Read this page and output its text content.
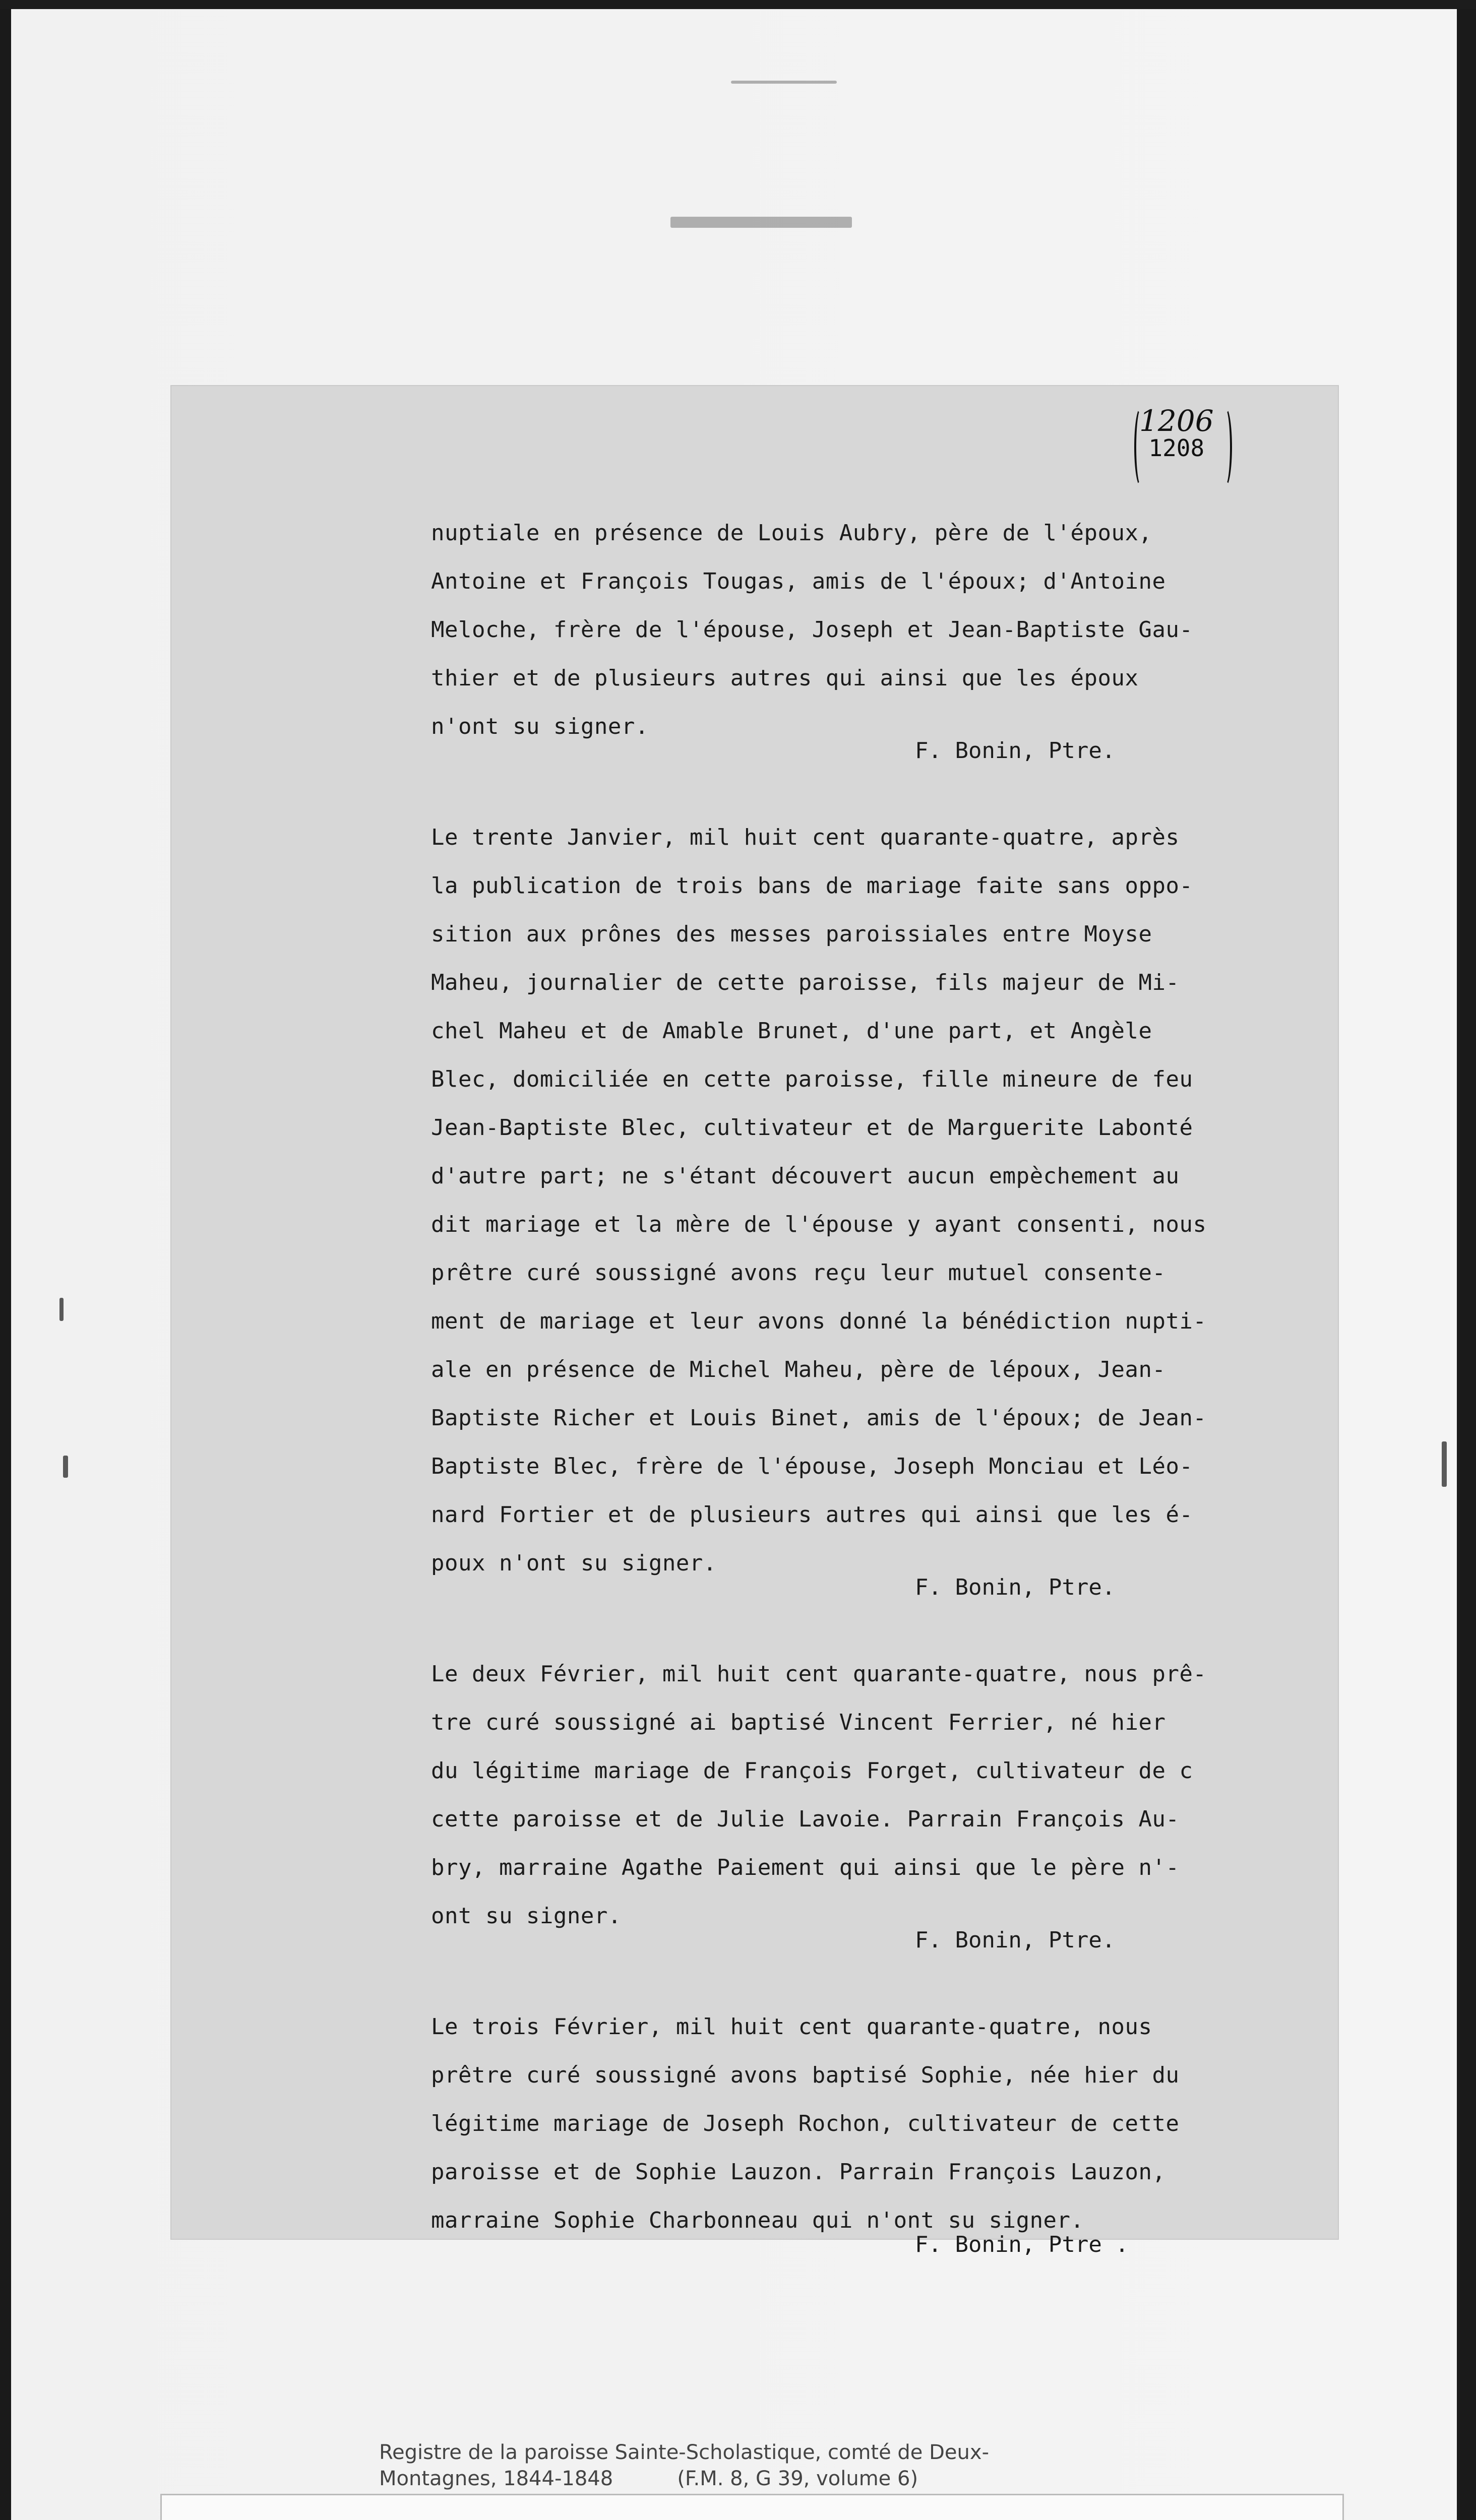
1206
1208
nuptiale en présence de Louis Aubry, père de l'époux,
Antoine et François Tougas, amis de l'époux; d'Antoine
Meloche, frère de l'épouse, Joseph et Jean-Baptiste Gau-
thier et de plusieurs autres qui ainsi que les époux
n'ont su signer.
F. Bonin, Ptre.
Le trente Janvier, mil huit cent quarante-quatre, après
la publication de trois bans de mariage faite sans oppo-
sition aux prônes des messes paroissiales entre Moyse
Maheu, journalier de cette paroisse, fils majeur de Mi-
chel Maheu et de Amable Brunet, d'une part, et Angèle
Blec, domiciliée en cette paroisse, fille mineure de feu
Jean-Baptiste Blec, cultivateur et de Marguerite Labonté
d'autre part; ne s'étant découvert aucun empèchement au
dit mariage et la mère de l'épouse y ayant consenti, nous
prêtre curé soussigné avons reçu leur mutuel consente-
ment de mariage et leur avons donné la bénédiction nupti-
ale en présence de Michel Maheu, père de lépoux, Jean-
Baptiste Richer et Louis Binet, amis de l'époux; de Jean-
Baptiste Blec, frère de l'épouse, Joseph Monciau et Léo-
nard Fortier et de plusieurs autres qui ainsi que les é-
poux n'ont su signer.
F. Bonin, Ptre.
Le deux Février, mil huit cent quarante-quatre, nous prê-
tre curé soussigné ai baptisé Vincent Ferrier, né hier
du légitime mariage de François Forget, cultivateur de c
cette paroisse et de Julie Lavoie. Parrain François Au-
bry, marraine Agathe Paiement qui ainsi que le père n'-
ont su signer.
F. Bonin, Ptre.
Le trois Février, mil huit cent quarante-quatre, nous
prêtre curé soussigné avons baptisé Sophie, née hier du
légitime mariage de Joseph Rochon, cultivateur de cette
paroisse et de Sophie Lauzon. Parrain François Lauzon,
marraine Sophie Charbonneau qui n'ont su signer.
F. Bonin, Ptre .
Registre de la paroisse Sainte-Scholastique, comté de Deux-
Montagnes, 1844-1848          (F.M. 8, G 39, volume 6)
